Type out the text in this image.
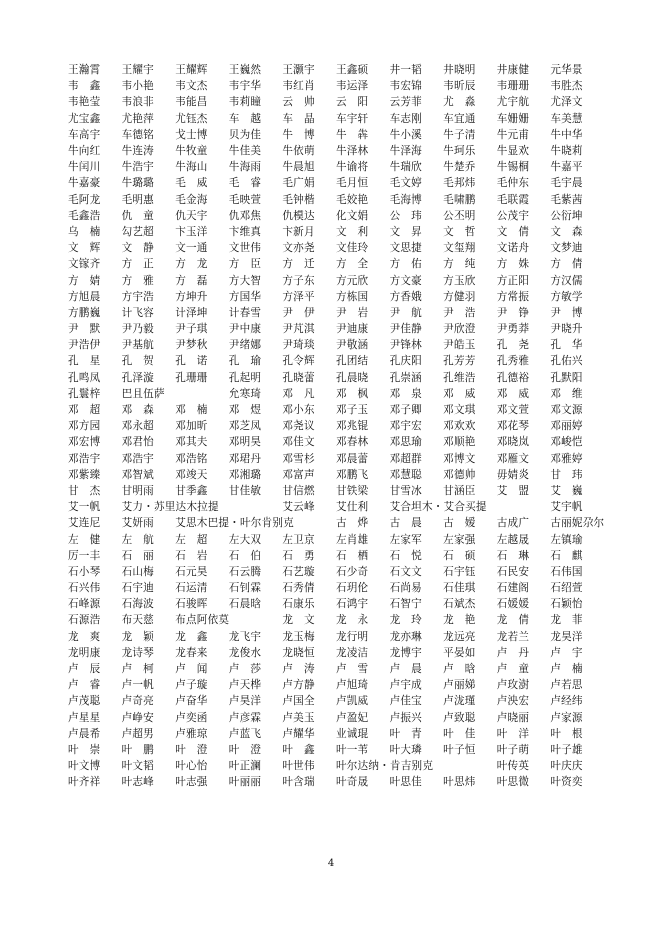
王瀚霄	王耀宇	王耀辉	王巍然	王灏宇	王鑫硕	井一韬	井晓明	井康健	元华景
韦　鑫	韦小艳	韦文杰	韦宇华	韦红肖	韦运泽	韦宏锦	韦昕辰	韦珊珊	韦胜杰
韦艳莹	韦浪非	韦能昌	韦莉瞳	云　帅	云　阳	云芳菲	尤　淼	尤宇航	尤泽文
尤宝鑫	尤艳萍	尤钰杰	车　越	车　晶	车宇轩	车志刚	车宜通	车姗姗	车美慧
车高宇	车德铭	戈士博	贝为佳	牛　博	牛　犇	牛小溪	牛子清	牛元甫	牛中华
牛向红	牛连涛	牛牧童	牛佳美	牛依萌	牛泽林	牛泽海	牛珂乐	牛显欢	牛晓莉
牛闰川	牛浩宇	牛海山	牛海雨	牛晨旭	牛谕将	牛瑞欣	牛楚乔	牛锡桐	牛嘉平
牛嘉豪	牛璐璐	毛　威	毛　睿	毛广娟	毛月恒	毛文婷	毛邦炜	毛仲东	毛宇晨
毛阿龙	毛明惠	毛金海	毛映萱	毛钟楷	毛姣艳	毛海博	毛啸鹏	毛联霞	毛紫茜
毛鑫浩	仇　童	仇天宇	仇邓焦	仇模达	化文娟	公　玮	公丕明	公茂宇	公衍坤
乌　楠	勾艺超	卞玉洋	卞维真	卞新月	文　利	文　昇	文　哲	文　倩	文　森
文　辉	文　静	文一通	文世伟	文亦尧	文佳玲	文思捷	文玺翔	文诺舟	文梦迪
文镓齐	方　正	方　龙	方　臣	方　迁	方　全	方　佑	方　纯	方　姝	方　倩
方　婧	方　雅	方　磊	方大智	方子东	方元欣	方文豪	方玉欣	方正阳	方汉儒
方旭晨	方宇浩	方坤升	方国华	方泽平	方栋国	方香娥	方健羽	方常振	方敏学
方鹏巍	计飞容	计泽坤	计春雪	尹　伊	尹　岩	尹　航	尹　浩	尹　铮	尹　博
尹　默	尹乃毅	尹子琪	尹中康	尹芃淇	尹迪康	尹佳静	尹欣澄	尹勇莽	尹晓升
尹浩伊	尹基航	尹梦秋	尹绪娜	尹琦琰	尹敬涵	尹锋林	尹皓玉	孔　尧	孔　华
孔　星	孔　贺	孔　诺	孔　瑜	孔令辉	孔团结	孔庆阳	孔芳芳	孔秀雅	孔佑兴
孔鸣凤	孔泽漩	孔珊珊	孔起明	孔晓蕾	孔晨晓	孔崇涵	孔维浩	孔德裕	孔默阳
孔鬟梓	巴且伍萨	允寒琦	邓　凡	邓　枫	邓　泉	邓　威	邓　威	邓　维
邓　超	邓　森	邓　楠	邓　煜	邓小东	邓子玉	邓子卿	邓文琪	邓文萱	邓文源
邓方园	邓永超	邓加昕	邓芝凤	邓尧议	邓兆锟	邓宇宏	邓欢欢	邓花琴	邓丽婷
邓宏博	邓君怡	邓其夫	邓明昊	邓佳文	邓春林	邓思瑜	邓顺艳	邓晓岚	邓峻恺
邓浩宇	邓浩宇	邓浩铭	邓珺丹	邓雪杉	邓晨蕾	邓超群	邓博文	邓雁文	邓雅婷
邓紫臻	邓智斌	邓竣天	邓湘璐	邓富声	邓鹏飞	邓慧聪	邓德帅	毋婧炎	甘　玮
甘　杰	甘明雨	甘季鑫	甘佳敏	甘信燃	甘铁梁	甘雪冰	甘涵臣	艾　盟	艾　巍
艾一帆	艾力・苏里达木拉提	艾云峰	艾仕利	艾合坦木・艾合买提	艾宇帆
艾连尼	艾妍雨	艾思木巴提・叶尔肯别克	古　烨	古　晨	古　嫒	古成广	古丽妮尕尔
左　健	左　航	左　超	左大双	左卫京	左肖雄	左家军	左家强	左越晟	左镇瑜
厉一丰	石　丽	石　岩	石　伯	石　勇	石　栖	石　悦	石　硕	石　琳	石　麒
石小琴	石山梅	石元昊	石云腾	石艺璇	石少奇	石文文	石宇钰	石民安	石伟国
石兴伟	石宇迪	石运清	石钊霖	石秀倩	石玥伦	石尚易	石佳琪	石建阁	石绍萱
石峰源	石海波	石骏晖	石晨晗	石康乐	石鸿宇	石智宁	石斌杰	石媛媛	石颖怡
石源浩	布天慈	布点阿依莫	龙　文	龙　永	龙　玲	龙　艳	龙　倩	龙　菲
龙　爽	龙　颖	龙　鑫	龙飞宇	龙玉梅	龙行明	龙亦琳	龙远亮	龙若兰	龙昊洋
龙明康	龙诗琴	龙春来	龙俊水	龙晓恒	龙凌洁	龙博宇	平晏如	卢　丹	卢　宇
卢　辰	卢　柯	卢　闻	卢　莎	卢　涛	卢　雪	卢　晨	卢　晗	卢　童	卢　楠
卢　睿	卢一帆	卢子璇	卢天桦	卢方静	卢旭琦	卢宇成	卢丽娣	卢玫澍	卢若思
卢茂聪	卢奇亮	卢奋华	卢昊洋	卢国全	卢凯威	卢佳宝	卢泷瑾	卢泱宏	卢经纬
卢星星	卢峥安	卢奕函	卢彦霖	卢美玉	卢盈妃	卢振兴	卢致聪	卢晓丽	卢家源
卢晨希	卢超男	卢雅琼	卢蓝飞	卢耀华	业诚琨	叶　青	叶　佳	叶　洋	叶　根
叶　崇	叶　鹏	叶　澄	叶　澄	叶　鑫	叶一苇	叶大璘	叶子恒	叶子萌	叶子雄
叶文博	叶文韬	叶心怡	叶正澜	叶世伟	叶尔达纳・肯吉别克	叶传英	叶庆庆
叶齐祥	叶志峰	叶志强	叶丽丽	叶含瑞	叶奇晟	叶思佳	叶思炜	叶思微	叶资奕
4
